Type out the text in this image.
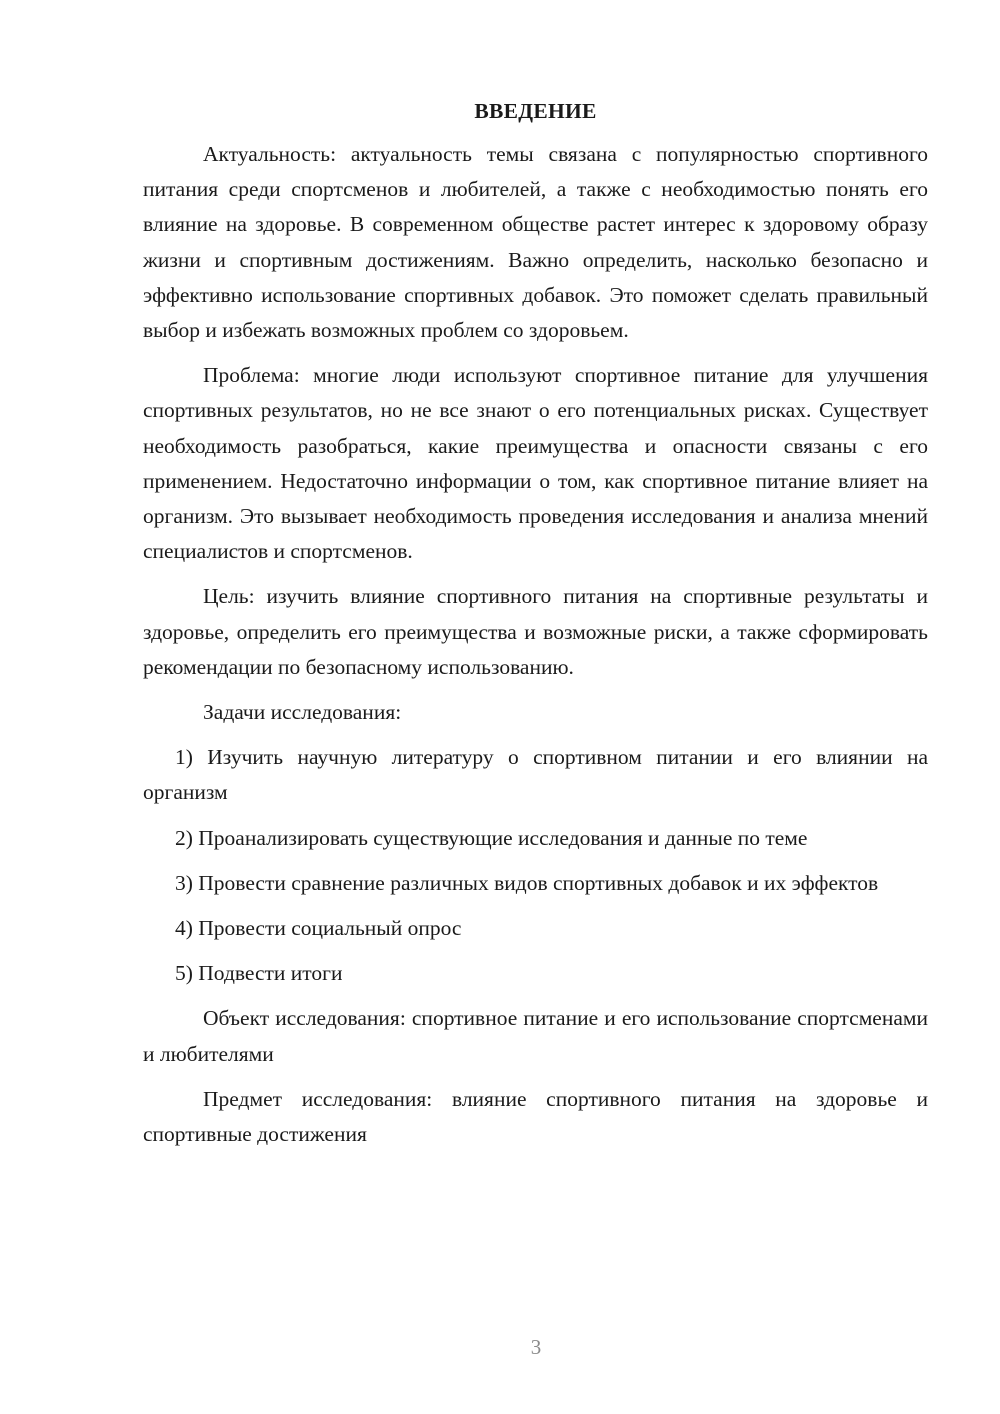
ВВЕДЕНИЕ

Актуальность: актуальность темы связана с популярностью спортивного питания среди спортсменов и любителей, а также с необходимостью понять его влияние на здоровье. В современном обществе растет интерес к здоровому образу жизни и спортивным достижениям. Важно определить, насколько безопасно и эффективно использование спортивных добавок. Это поможет сделать правильный выбор и избежать возможных проблем со здоровьем.

Проблема: многие люди используют спортивное питание для улучшения спортивных результатов, но не все знают о его потенциальных рисках. Существует необходимость разобраться, какие преимущества и опасности связаны с его применением. Недостаточно информации о том, как спортивное питание влияет на организм. Это вызывает необходимость проведения исследования и анализа мнений специалистов и спортсменов.

Цель: изучить влияние спортивного питания на спортивные результаты и здоровье, определить его преимущества и возможные риски, а также сформировать рекомендации по безопасному использованию.

Задачи исследования:

1) Изучить научную литературу о спортивном питании и его влиянии на организм

2) Проанализировать существующие исследования и данные по теме

3) Провести сравнение различных видов спортивных добавок и их эффектов

4) Провести социальный опрос

5) Подвести итоги

Объект исследования: спортивное питание и его использование спортсменами и любителями

Предмет исследования: влияние спортивного питания на здоровье и спортивные достижения

3
